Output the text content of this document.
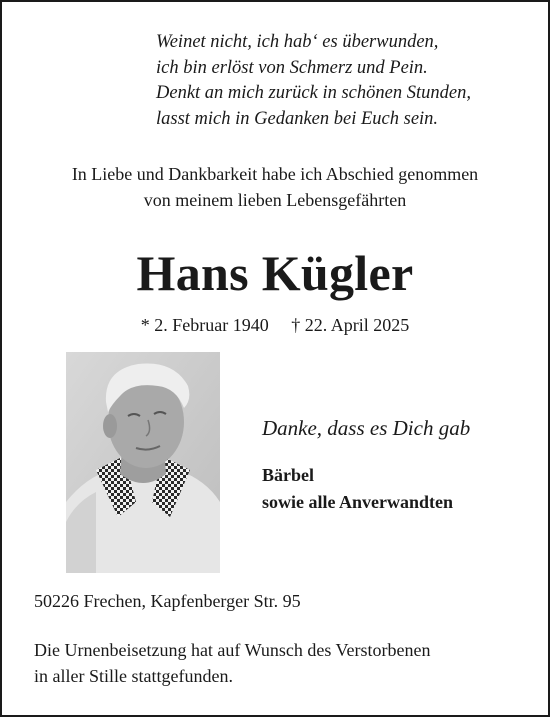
Weinet nicht, ich hab‘ es überwunden,
ich bin erlöst von Schmerz und Pein.
Denkt an mich zurück in schönen Stunden,
lasst mich in Gedanken bei Euch sein.
In Liebe und Dankbarkeit habe ich Abschied genommen
von meinem lieben Lebensgefährten
Hans Kügler
* 2. Februar 1940 † 22. April 2025
Danke, dass es Dich gab
Bärbel
sowie alle Anverwandten
50226 Frechen, Kapfenberger Str. 95
Die Urnenbeisetzung hat auf Wunsch des Verstorbenen
in aller Stille stattgefunden.
